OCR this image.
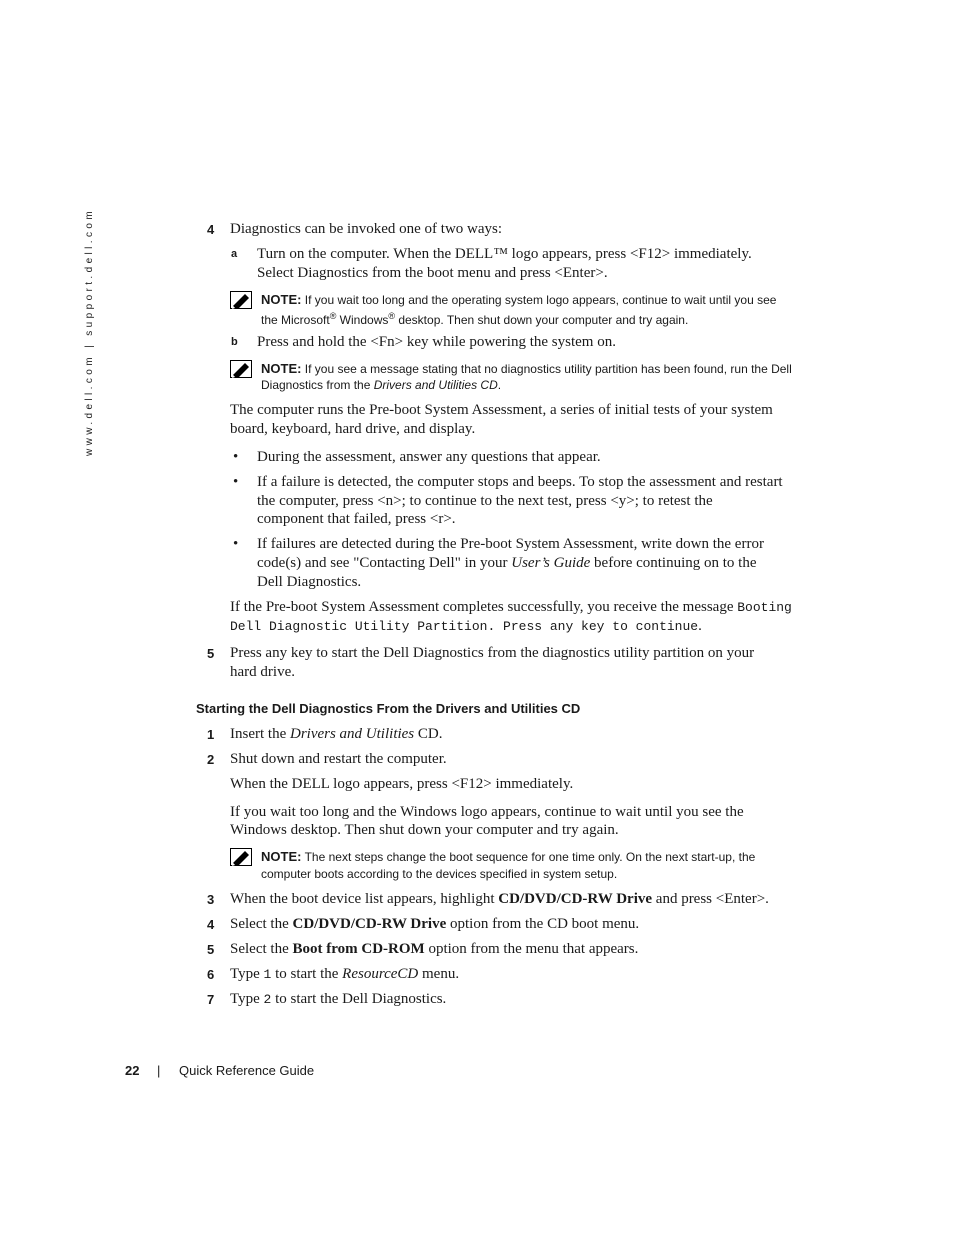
www.dell.com | support.dell.com	4 Diagnostics can be invoked one of two ways:
a Turn on the computer. When the DELL™ logo appears, press <F12> immediately.
Select Diagnostics from the boot menu and press <Enter>.
NOTE: If you wait too long and the operating system logo appears, continue to wait until you see
the Microsoft® Windows® desktop. Then shut down your computer and try again.
b Press and hold the <Fn> key while powering the system on.
NOTE: If you see a message stating that no diagnostics utility partition has been found, run the Dell
Diagnostics from the Drivers and Utilities CD.
The computer runs the Pre-boot System Assessment, a series of initial tests of your system
board, keyboard, hard drive, and display.
• During the assessment, answer any questions that appear.
• If a failure is detected, the computer stops and beeps. To stop the assessment and restart
the computer, press <n>; to continue to the next test, press <y>; to retest the
component that failed, press <r>.
• If failures are detected during the Pre-boot System Assessment, write down the error
code(s) and see "Contacting Dell" in your User’s Guide before continuing on to the
Dell Diagnostics.
If the Pre-boot System Assessment completes successfully, you receive the message Booting
Dell Diagnostic Utility Partition. Press any key to continue.
5 Press any key to start the Dell Diagnostics from the diagnostics utility partition on your
hard drive.
Starting the Dell Diagnostics From the Drivers and Utilities CD
1 Insert the Drivers and Utilities CD.
2 Shut down and restart the computer.
When the DELL logo appears, press <F12> immediately.
If you wait too long and the Windows logo appears, continue to wait until you see the
Windows desktop. Then shut down your computer and try again.
NOTE: The next steps change the boot sequence for one time only. On the next start-up, the
computer boots according to the devices specified in system setup.
3 When the boot device list appears, highlight CD/DVD/CD-RW Drive and press <Enter>.
4 Select the CD/DVD/CD-RW Drive option from the CD boot menu.
5 Select the Boot from CD-ROM option from the menu that appears.
6 Type 1 to start the ResourceCD menu.
7 Type 2 to start the Dell Diagnostics.
22 | Quick Reference Guide
